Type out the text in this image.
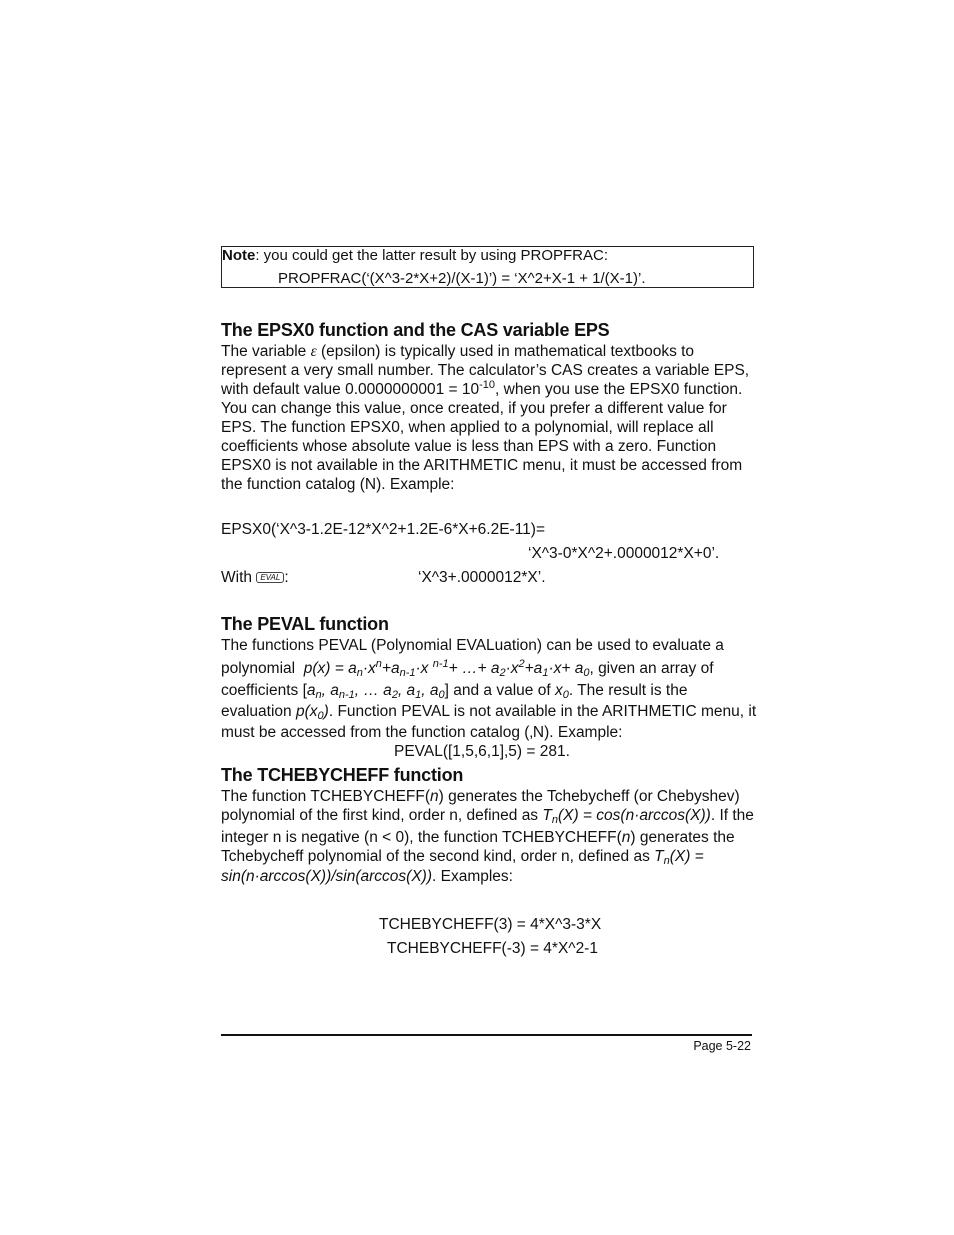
Note: you could get the latter result by using PROPFRAC:
PROPFRAC(‘(X^3-2*X+2)/(X-1)’) = ‘X^2+X-1 + 1/(X-1)’.
The EPSX0 function and the CAS variable EPS
The variable ε (epsilon) is typically used in mathematical textbooks to represent a very small number. The calculator’s CAS creates a variable EPS, with default value $0.0000000001 = 10^{-10}$, when you use the EPSX0 function. You can change this value, once created, if you prefer a different value for EPS. The function EPSX0, when applied to a polynomial, will replace all coefficients whose absolute value is less than EPS with a zero. Function EPSX0 is not available in the ARITHMETIC menu, it must be accessed from the function catalog (N). Example:
EPSX0(‘X^3-1.2E-12*X^2+1.2E-6*X+6.2E-11)=
‘X^3-0*X^2+.0000012*X+0’.
With EVAL :	‘X^3+.0000012*X’.
The PEVAL function
The functions PEVAL (Polynomial EVALuation) can be used to evaluate a
polynomial $p(x) = a_n\cdot x^n+a_{n-1}\cdot x$ $^{n-1}$+ …+ $a_2\cdot x^2+a_1\cdot x+ a_0$, given an array of
coefficients [$a_n$, $a_{n-1}$, … $a_2$, $a_1$, $a_0$] and a value of $x_0$. The result is the
evaluation $p(x_0)$. Function PEVAL is not available in the ARITHMETIC menu, it
must be accessed from the function catalog (‚N). Example:
PEVAL([1,5,6,1],5) = 281.
The TCHEBYCHEFF function
The function TCHEBYCHEFF(n) generates the Tchebycheff (or Chebyshev)
polynomial of the first kind, order n, defined as $T_n(X) = \cos(n\cdot\arccos(X))$. If the
integer n is negative (n < 0), the function TCHEBYCHEFF(n) generates the
Tchebycheff polynomial of the second kind, order n, defined as $T_n(X)$ =
sin(n·arccos(X))/sin(arccos(X)). Examples:
TCHEBYCHEFF(3) = 4*X^3-3*X
TCHEBYCHEFF(-3) = 4*X^2-1
Page 5-22
